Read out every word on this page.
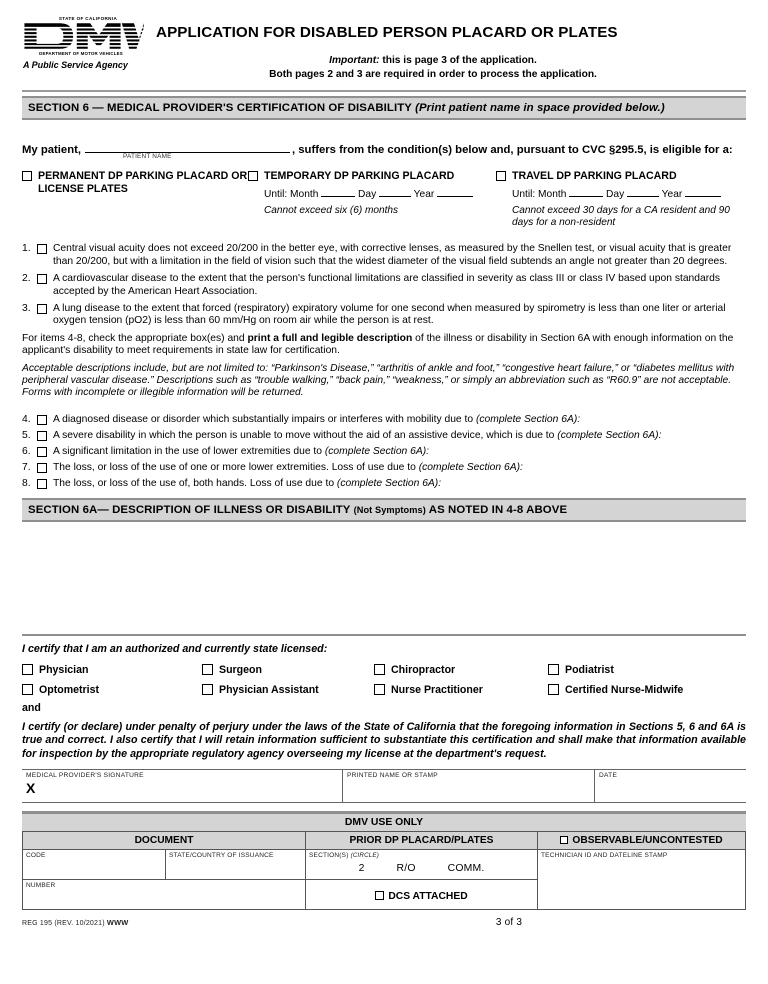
STATE OF CALIFORNIA
DEPARTMENT OF MOTOR VEHICLES
A Public Service Agency
APPLICATION FOR DISABLED PERSON PLACARD OR PLATES
Important: this is page 3 of the application.
Both pages 2 and 3 are required in order to process the application.
SECTION 6 — MEDICAL PROVIDER'S CERTIFICATION OF DISABILITY (Print patient name in space provided below.)
My patient,
PATIENT NAME
, suffers from the condition(s) below and, pursuant to CVC §295.5, is eligible for a:
PERMANENT DP PARKING PLACARD OR LICENSE PLATES
TEMPORARY DP PARKING PLACARD
Until: Month	Day	Year
Cannot exceed six (6) months
TRAVEL DP PARKING PLACARD
Until: Month	Day	Year
Cannot exceed 30 days for a CA resident and 90 days for a non-resident
1.	Central visual acuity does not exceed 20/200 in the better eye, with corrective lenses, as measured by the Snellen test, or visual acuity that is greater than 20/200, but with a limitation in the field of vision such that the widest diameter of the visual field subtends an angle not greater than 20 degrees.
2.	A cardiovascular disease to the extent that the person's functional limitations are classified in severity as class III or class IV based upon standards accepted by the American Heart Association.
3.	A lung disease to the extent that forced (respiratory) expiratory volume for one second when measured by spirometry is less than one liter or arterial oxygen tension (pO2) is less than 60 mm/Hg on room air while the person is at rest.
For items 4-8, check the appropriate box(es) and print a full and legible description of the illness or disability in Section 6A with enough information on the applicant's disability to meet requirements in state law for certification.
Acceptable descriptions include, but are not limited to: “Parkinson's Disease,” “arthritis of ankle and foot,” “congestive heart failure,” or “diabetes mellitus with peripheral vascular disease.” Descriptions such as “trouble walking,” “back pain,” “weakness,” or simply an abbreviation such as “R60.9” are not acceptable. Forms with incomplete or illegible information will be returned.
4.	A diagnosed disease or disorder which substantially impairs or interferes with mobility due to (complete Section 6A):
5.	A severe disability in which the person is unable to move without the aid of an assistive device, which is due to (complete Section 6A):
6.	A significant limitation in the use of lower extremities due to (complete Section 6A):
7.	The loss, or loss of the use of one or more lower extremities. Loss of use due to (complete Section 6A):
8.	The loss, or loss of the use of, both hands. Loss of use due to (complete Section 6A):
SECTION 6A— DESCRIPTION OF ILLNESS OR DISABILITY (Not Symptoms) AS NOTED IN 4-8 ABOVE
I certify that I am an authorized and currently state licensed:
Physician	Surgeon	Chiropractor	Podiatrist
Optometrist	Physician Assistant	Nurse Practitioner	Certified Nurse-Midwife
and
I certify (or declare) under penalty of perjury under the laws of the State of California that the foregoing information in Sections 5, 6 and 6A is true and correct. I also certify that I will retain information sufficient to substantiate this certification and shall make that information available for inspection by the appropriate regulatory agency overseeing my license at the department's request.
MEDICAL PROVIDER'S SIGNATURE
X
PRINTED NAME OR STAMP	DATE
DMV USE ONLY
DOCUMENT	PRIOR DP PLACARD/PLATES	OBSERVABLE/UNCONTESTED
CODE	STATE/COUNTRY OF ISSUANCE	SECTION(S) (CIRCLE)
2	R/O	COMM.
TECHNICIAN ID AND DATELINE STAMP
NUMBER
DCS ATTACHED
REG 195 (REV. 10/2021) WWW	3 of 3
